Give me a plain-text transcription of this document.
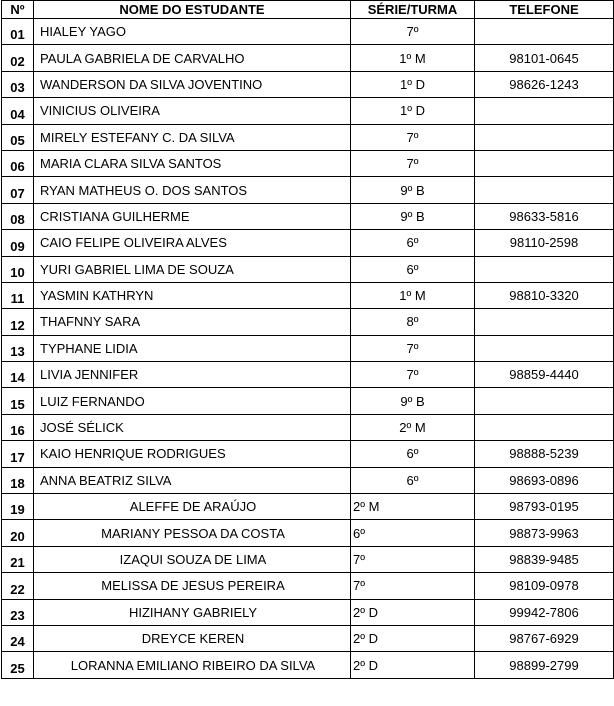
Nº	NOME DO ESTUDANTE	SÉRIE/TURMA	TELEFONE
01	HIALEY YAGO	7º	
02	PAULA GABRIELA DE CARVALHO	1º M	98101-0645
03	WANDERSON DA SILVA JOVENTINO	1º D	98626-1243
04	VINICIUS OLIVEIRA	1º D	
05	MIRELY ESTEFANY C. DA SILVA	7º	
06	MARIA CLARA SILVA SANTOS	7º	
07	RYAN MATHEUS O. DOS SANTOS	9º B	
08	CRISTIANA GUILHERME	9º B	98633-5816
09	CAIO FELIPE OLIVEIRA ALVES	6º	98110-2598
10	YURI GABRIEL LIMA DE SOUZA	6º	
11	YASMIN KATHRYN	1º M	98810-3320
12	THAFNNY SARA	8º	
13	TYPHANE LIDIA	7º	
14	LIVIA JENNIFER	7º	98859-4440
15	LUIZ FERNANDO	9º B	
16	JOSÉ SÉLICK	2º M	
17	KAIO HENRIQUE RODRIGUES	6º	98888-5239
18	ANNA BEATRIZ SILVA	6º	98693-0896
19	ALEFFE DE ARAÚJO	2º M	98793-0195
20	MARIANY PESSOA DA COSTA	6º	98873-9963
21	IZAQUI SOUZA DE LIMA	7º	98839-9485
22	MELISSA DE JESUS PEREIRA	7º	98109-0978
23	HIZIHANY GABRIELY	2º D	99942-7806
24	DREYCE KEREN	2º D	98767-6929
25	LORANNA EMILIANO RIBEIRO DA SILVA	2º D	98899-2799
